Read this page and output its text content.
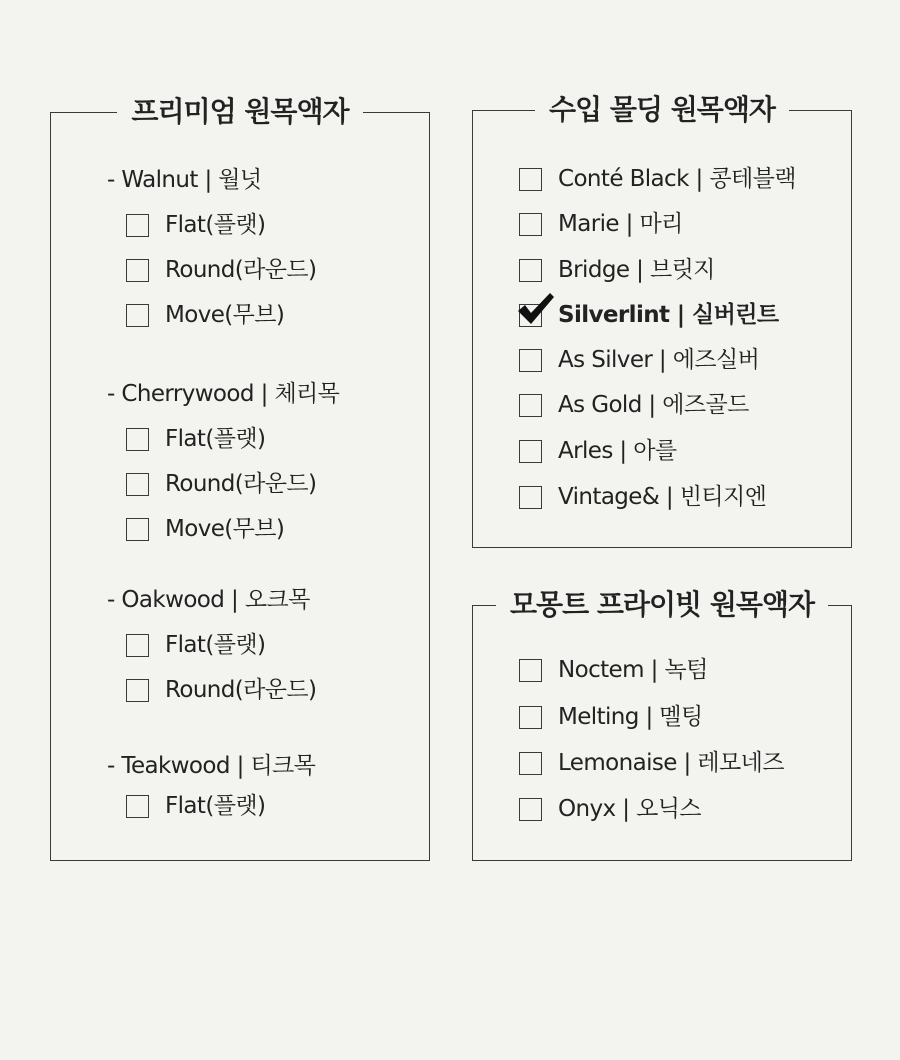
프리미엄 원목액자
- Walnut | 월넛
Flat(플랫)
Round(라운드)
Move(무브)
- Cherrywood | 체리목
Flat(플랫)
Round(라운드)
Move(무브)
- Oakwood | 오크목
Flat(플랫)
Round(라운드)
- Teakwood | 티크목
Flat(플랫)
수입 몰딩 원목액자
Conté Black | 콩테블랙
Marie | 마리
Bridge | 브릿지
Silverlint | 실버린트
As Silver | 에즈실버
As Gold | 에즈골드
Arles | 아를
Vintage& | 빈티지엔
모몽트 프라이빗 원목액자
Noctem | 녹텀
Melting | 멜팅
Lemonaise | 레모네즈
Onyx | 오닉스
